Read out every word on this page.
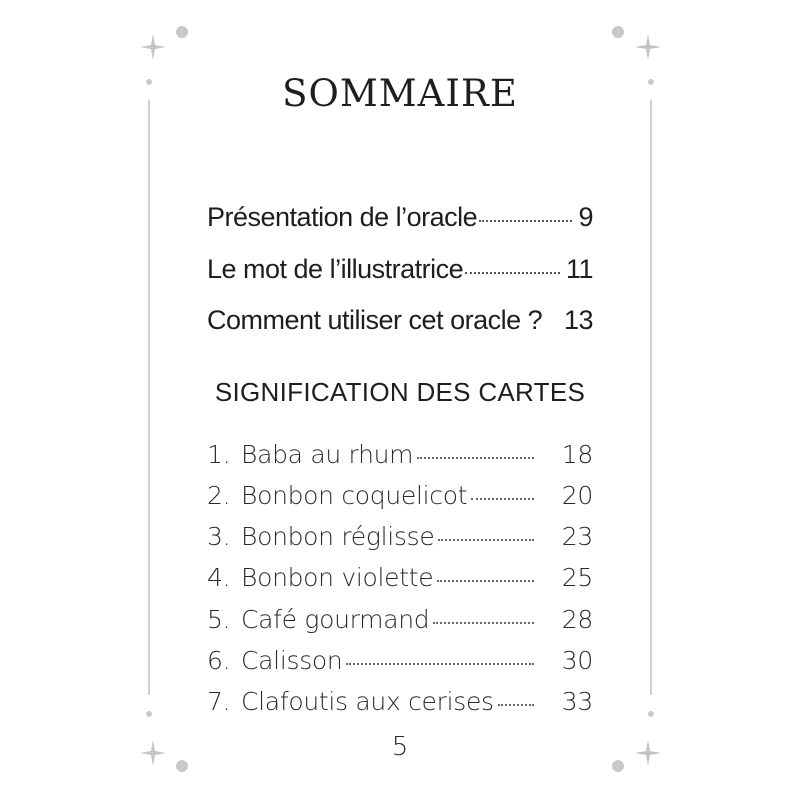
SOMMAIRE
Présentation de l’oracle	9
Le mot de l’illustratrice	11
Comment utiliser cet oracle ? 13
SIGNIFICATION DES CARTES
1. Baba au rhum	18
2. Bonbon coquelicot	20
3. Bonbon réglisse	23
4. Bonbon violette	25
5. Café gourmand	28
6. Calisson	30
7. Clafoutis aux cerises	33
5
